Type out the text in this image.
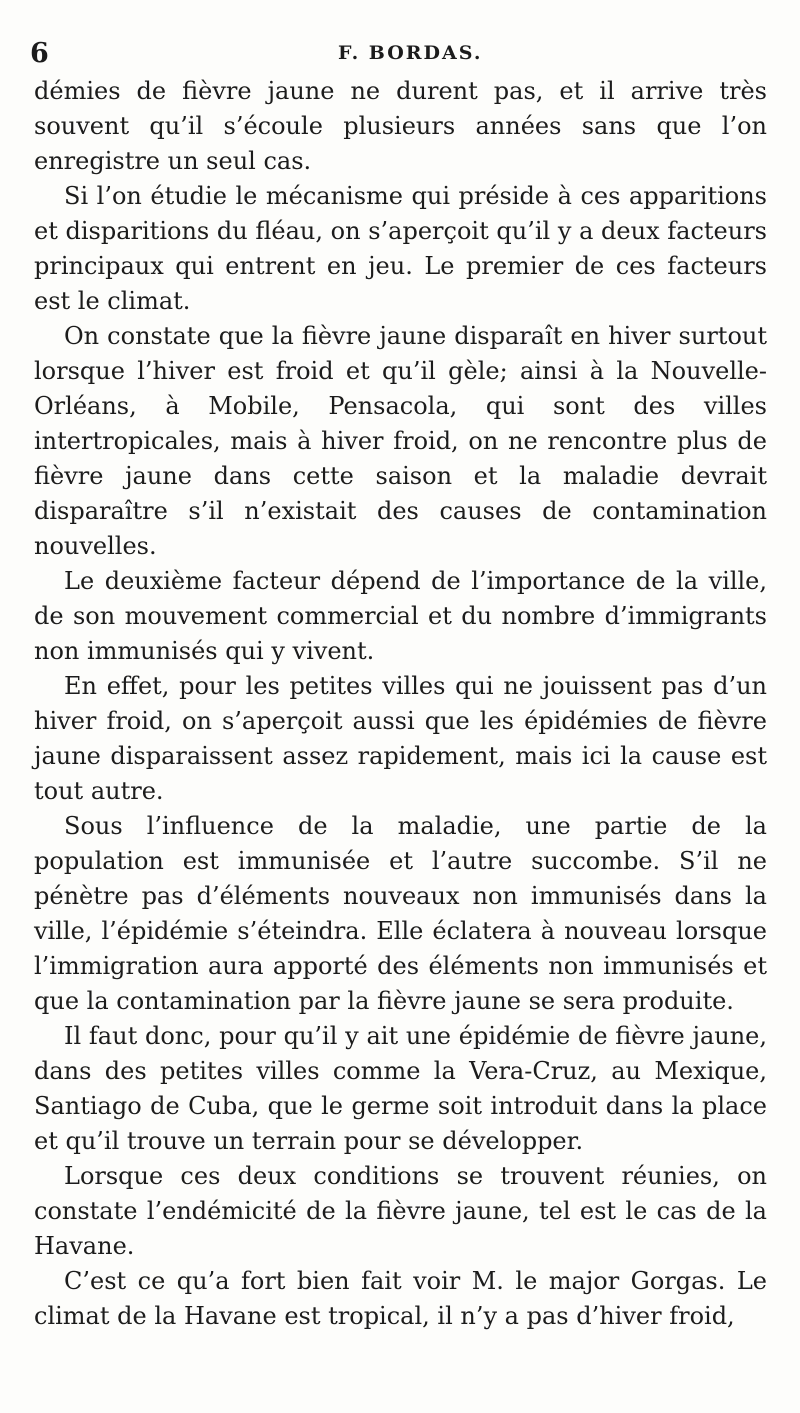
6	F. BORDAS.

démies de fièvre jaune ne durent pas, et il arrive très souvent qu’il s’écoule plusieurs années sans que l’on enregistre un seul cas.

Si l’on étudie le mécanisme qui préside à ces apparitions et disparitions du fléau, on s’aperçoit qu’il y a deux facteurs principaux qui entrent en jeu. Le premier de ces facteurs est le climat.

On constate que la fièvre jaune disparaît en hiver surtout lorsque l’hiver est froid et qu’il gèle; ainsi à la Nouvelle-Orléans, à Mobile, Pensacola, qui sont des villes intertropicales, mais à hiver froid, on ne rencontre plus de fièvre jaune dans cette saison et la maladie devrait disparaître s’il n’existait des causes de contamination nouvelles.

Le deuxième facteur dépend de l’importance de la ville, de son mouvement commercial et du nombre d’immigrants non immunisés qui y vivent.

En effet, pour les petites villes qui ne jouissent pas d’un hiver froid, on s’aperçoit aussi que les épidémies de fièvre jaune disparaissent assez rapidement, mais ici la cause est tout autre.

Sous l’influence de la maladie, une partie de la population est immunisée et l’autre succombe. S’il ne pénètre pas d’éléments nouveaux non immunisés dans la ville, l’épidémie s’éteindra. Elle éclatera à nouveau lorsque l’immigration aura apporté des éléments non immunisés et que la contamination par la fièvre jaune se sera produite.

Il faut donc, pour qu’il y ait une épidémie de fièvre jaune, dans des petites villes comme la Vera-Cruz, au Mexique, Santiago de Cuba, que le germe soit introduit dans la place et qu’il trouve un terrain pour se développer.

Lorsque ces deux conditions se trouvent réunies, on constate l’endémicité de la fièvre jaune, tel est le cas de la Havane.

C’est ce qu’a fort bien fait voir M. le major Gorgas. Le climat de la Havane est tropical, il n’y a pas d’hiver froid,
